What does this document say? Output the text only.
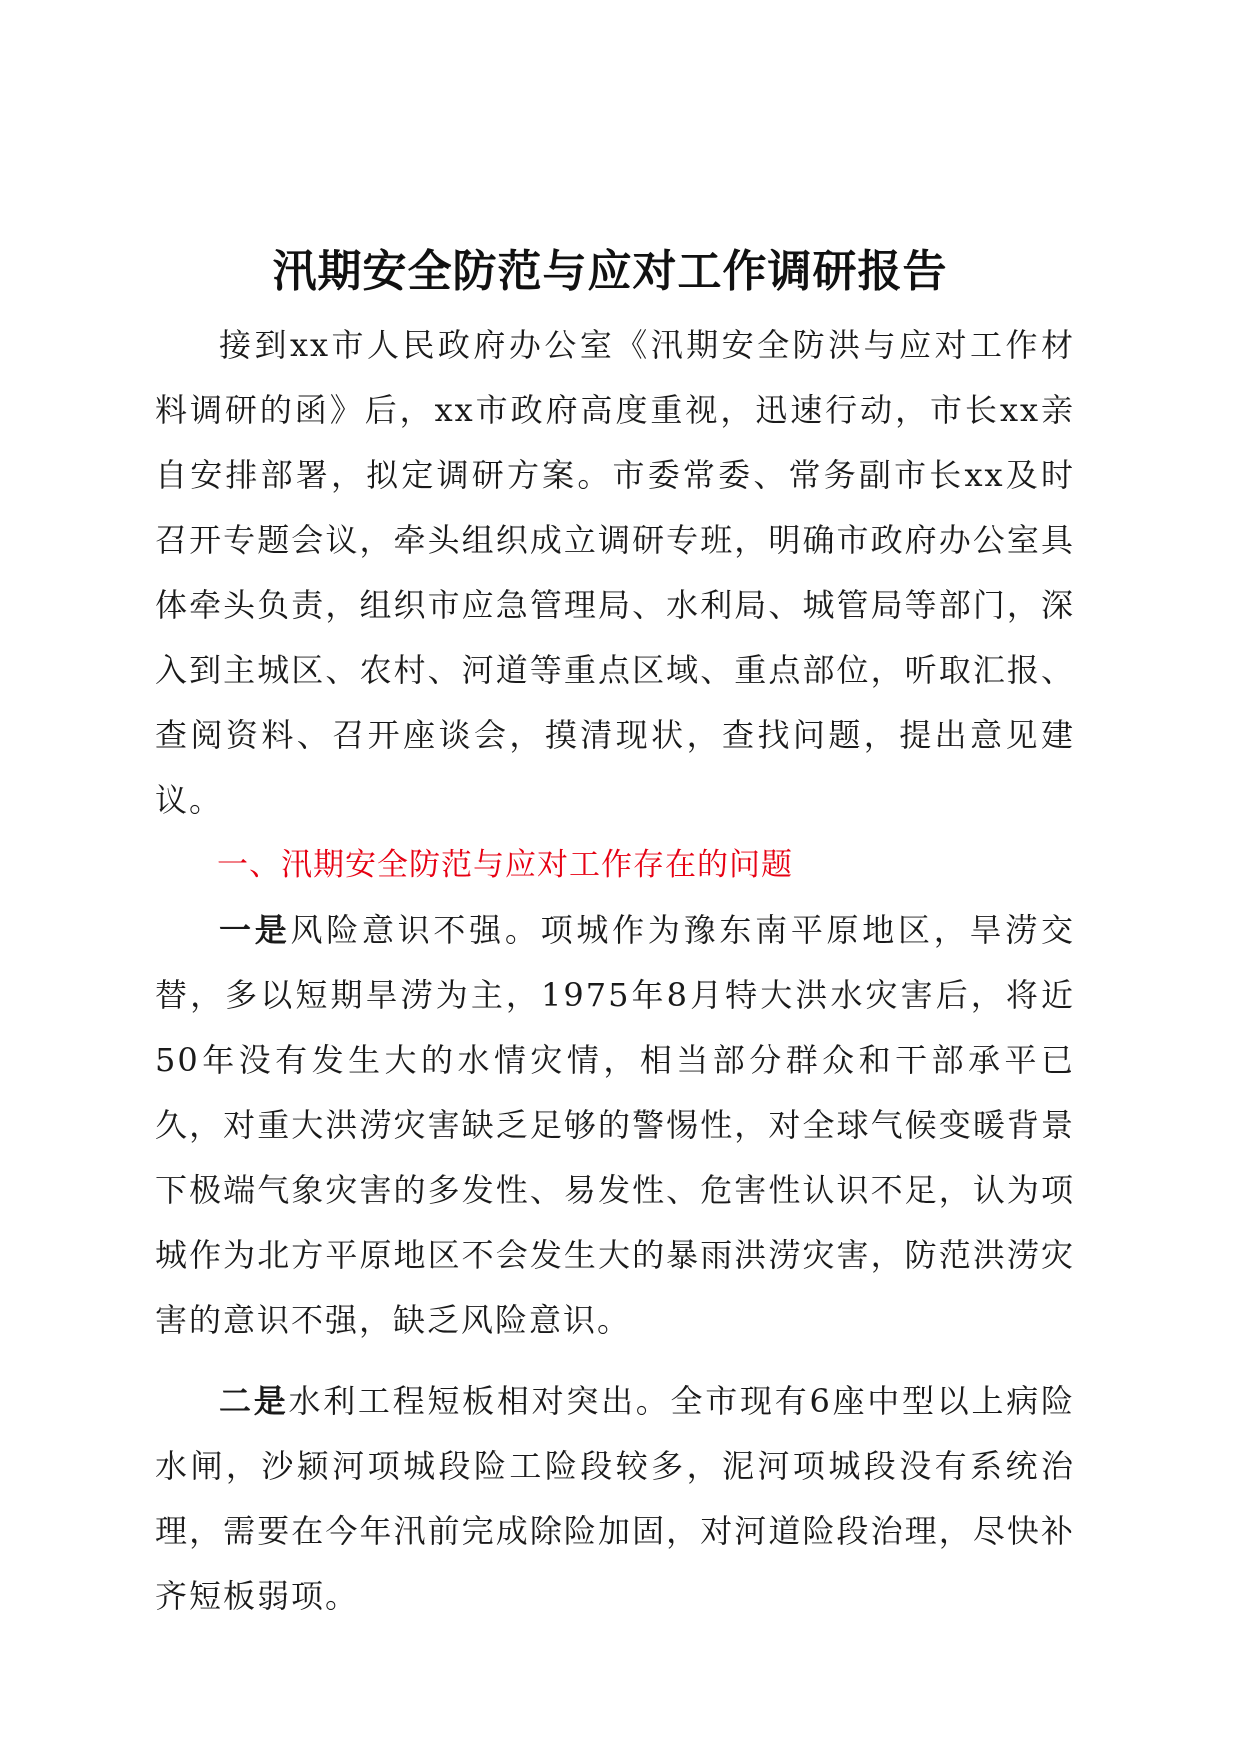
汛期安全防范与应对工作调研报告

接到xx市人民政府办公室《汛期安全防洪与应对工作材料调研的函》后，xx市政府高度重视，迅速行动，市长xx亲自安排部署，拟定调研方案。市委常委、常务副市长xx及时召开专题会议，牵头组织成立调研专班，明确市政府办公室具体牵头负责，组织市应急管理局、水利局、城管局等部门，深入到主城区、农村、河道等重点区域、重点部位，听取汇报、查阅资料、召开座谈会，摸清现状，查找问题，提出意见建议。

一、汛期安全防范与应对工作存在的问题

一是风险意识不强。项城作为豫东南平原地区，旱涝交替，多以短期旱涝为主，1975年8月特大洪水灾害后，将近50年没有发生大的水情灾情，相当部分群众和干部承平已久，对重大洪涝灾害缺乏足够的警惕性，对全球气候变暖背景下极端气象灾害的多发性、易发性、危害性认识不足，认为项城作为北方平原地区不会发生大的暴雨洪涝灾害，防范洪涝灾害的意识不强，缺乏风险意识。

二是水利工程短板相对突出。全市现有6座中型以上病险水闸，沙颍河项城段险工险段较多，泥河项城段没有系统治理，需要在今年汛前完成除险加固，对河道险段治理，尽快补齐短板弱项。
